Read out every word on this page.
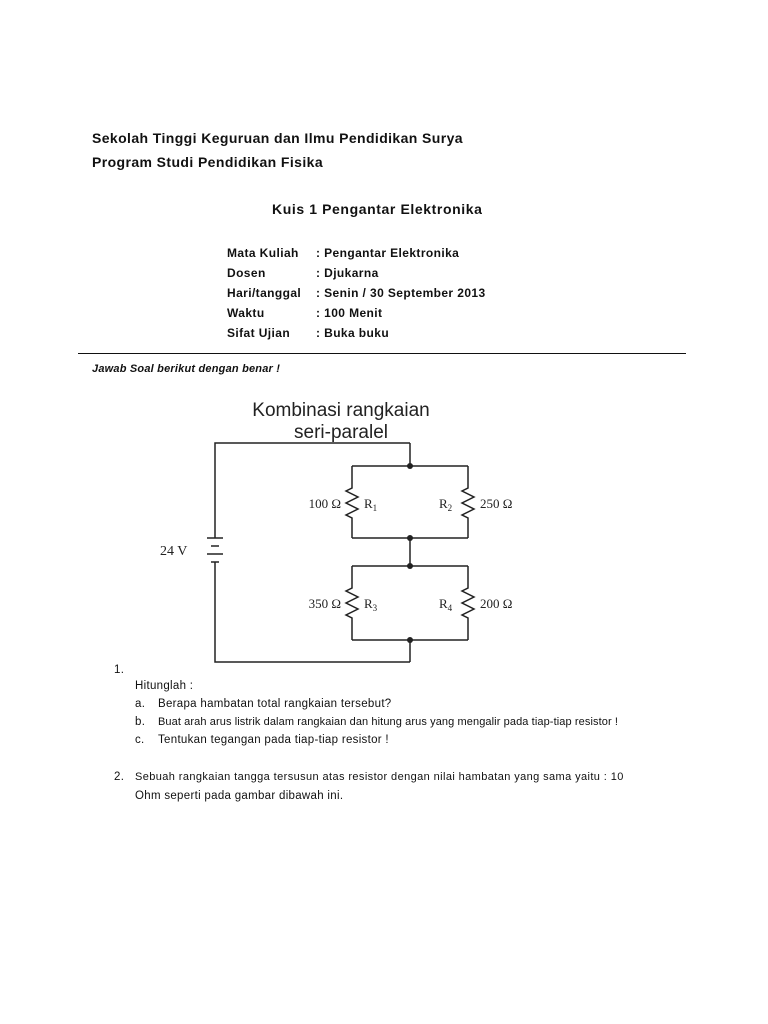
Sekolah Tinggi Keguruan dan Ilmu Pendidikan Surya
Program Studi Pendidikan Fisika
Kuis 1 Pengantar Elektronika
Mata Kuliah : Pengantar Elektronika
Dosen	: Djukarna
Hari/tanggal : Senin / 30 September 2013
Waktu	: 100 Menit
Sifat Ujian : Buka buku
Jawab Soal berikut dengan benar !
Kombinasi rangkaian
seri-paralel
24 V
100 Ω $R_1$	$R_2$ 250 Ω
350 Ω $R_3$	$R_4$ 200 Ω
1.
Hitunglah :
a. Berapa hambatan total rangkaian tersebut?
b. Buat arah arus listrik dalam rangkaian dan hitung arus yang mengalir pada tiap-tiap resistor !
c. Tentukan tegangan pada tiap-tiap resistor !
2. Sebuah rangkaian tangga tersusun atas resistor dengan nilai hambatan yang sama yaitu : 10
Ohm seperti pada gambar dibawah ini.
